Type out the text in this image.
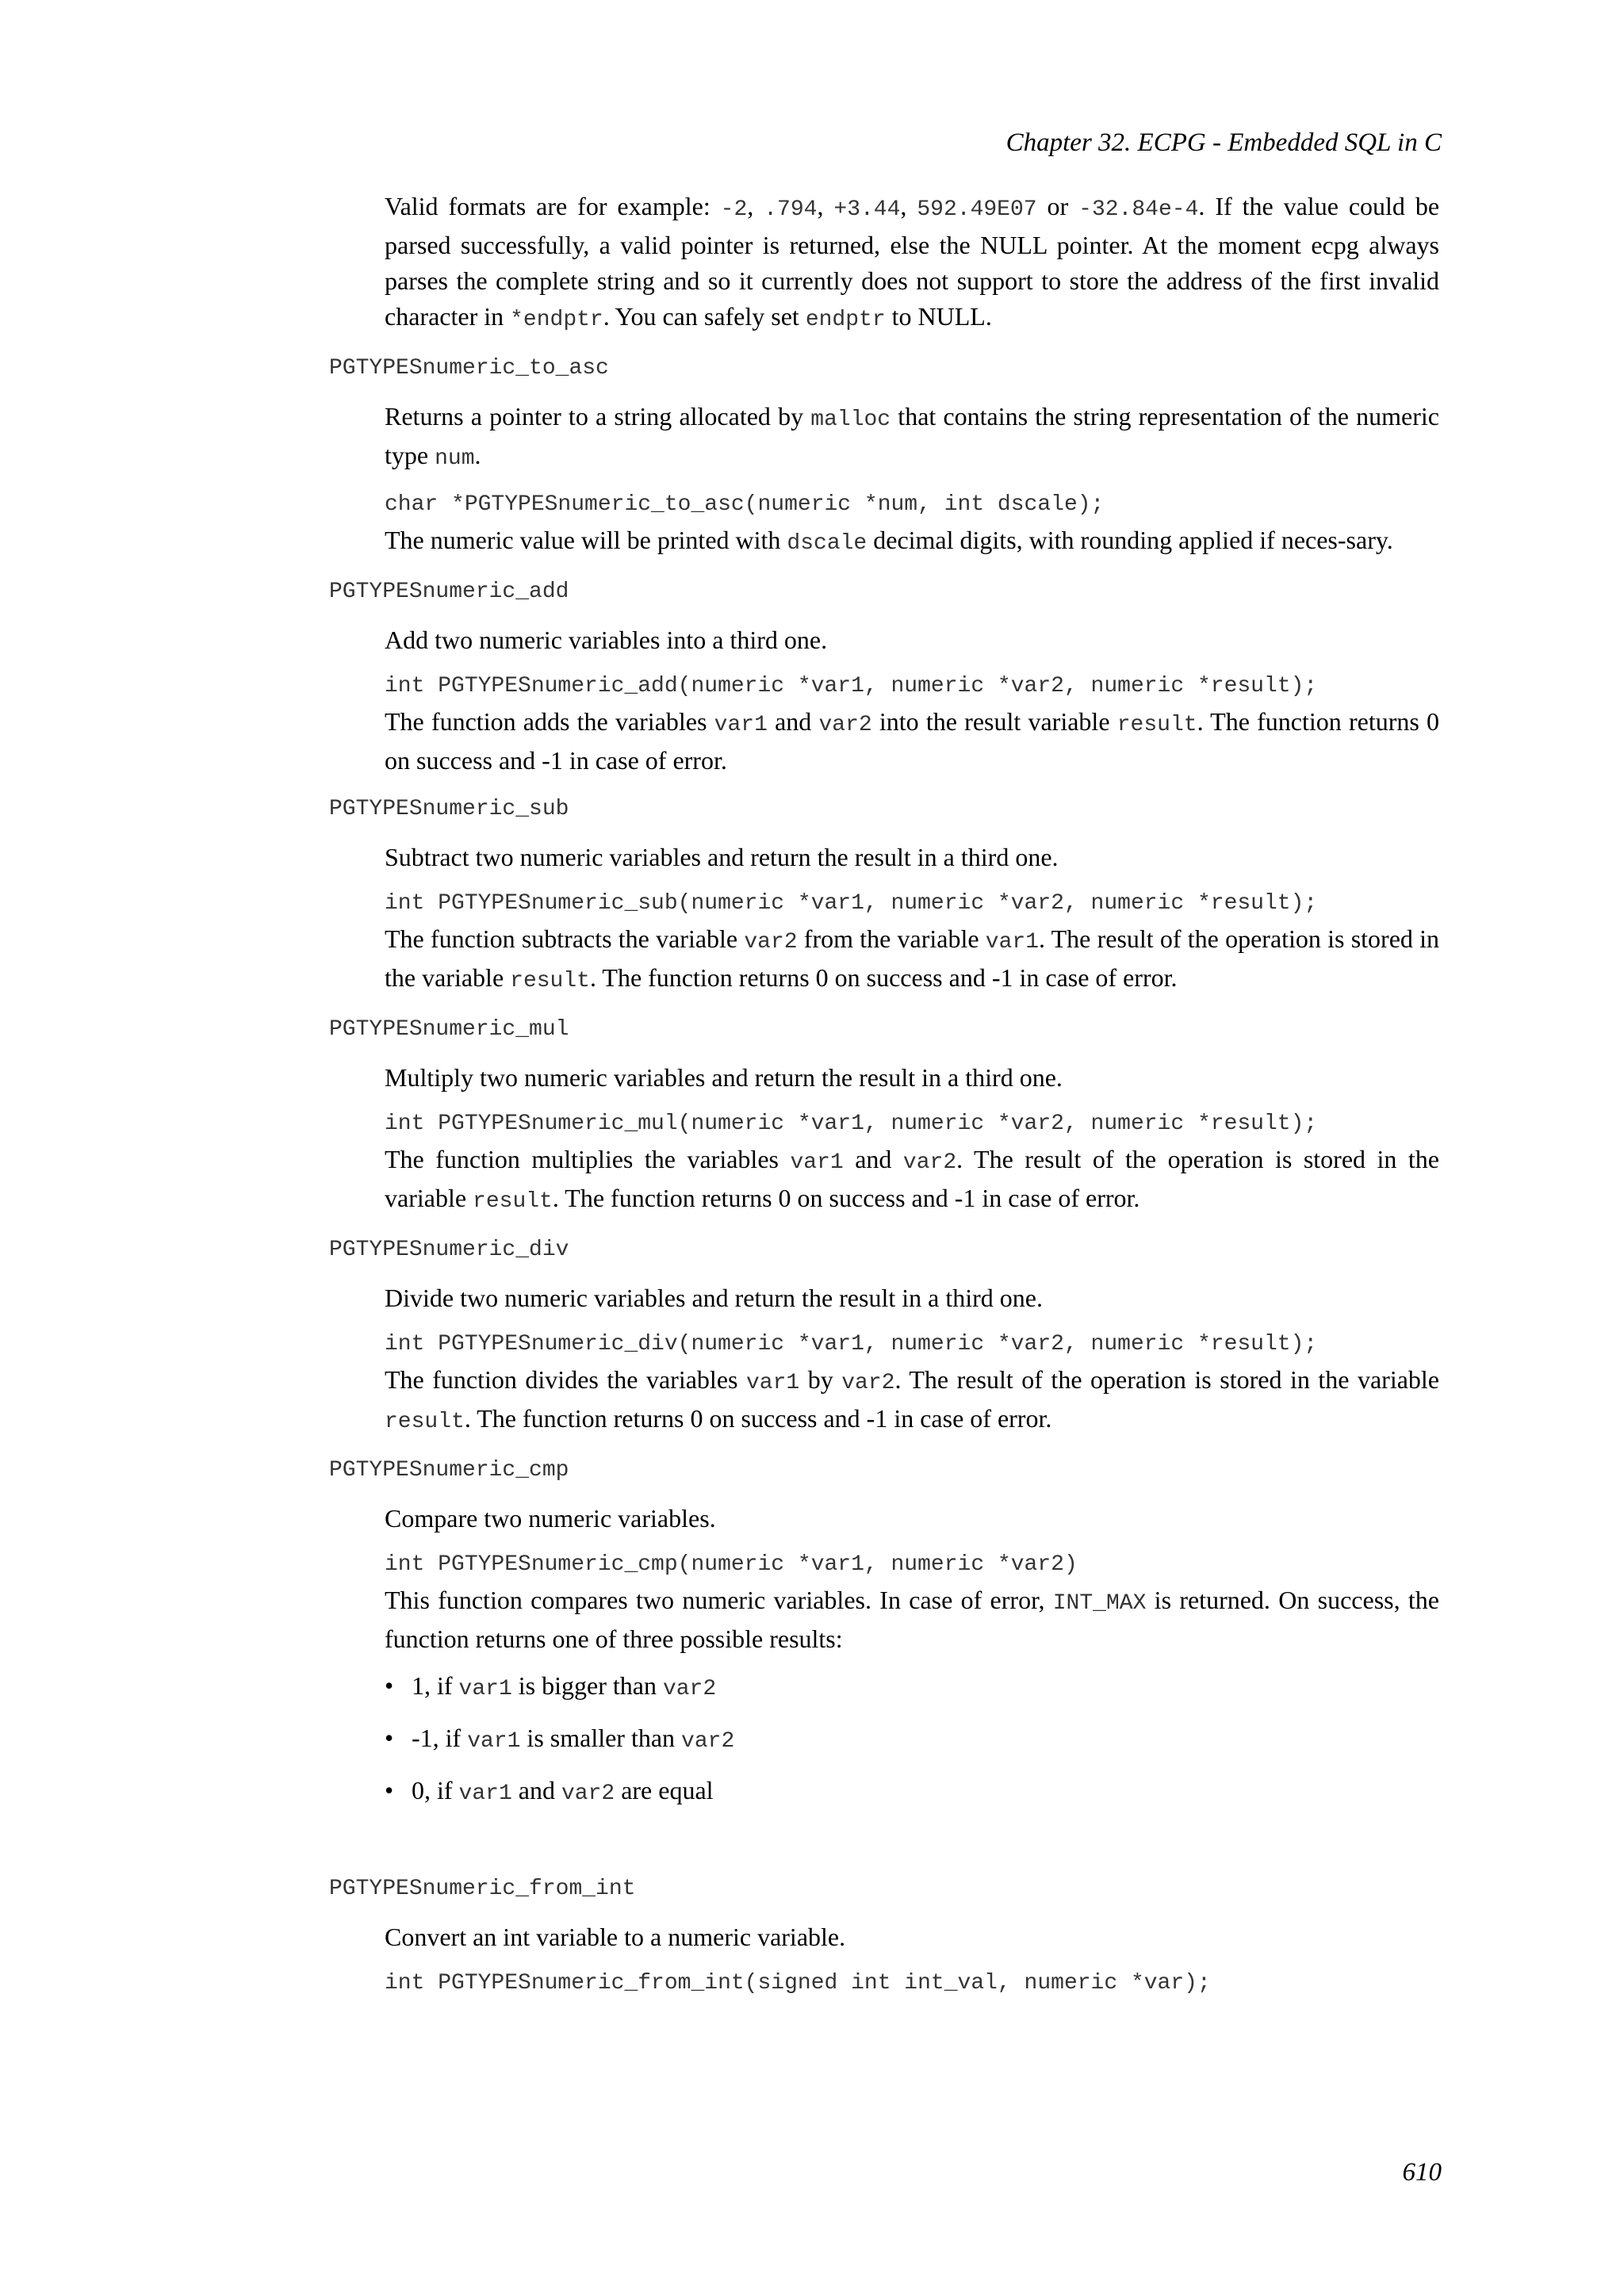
Chapter 32. ECPG - Embedded SQL in C

Valid formats are for example: -2, .794, +3.44, 592.49E07 or -32.84e-4. If the value could be parsed successfully, a valid pointer is returned, else the NULL pointer. At the moment ecpg always parses the complete string and so it currently does not support to store the address of the first invalid character in *endptr. You can safely set endptr to NULL.

PGTYPESnumeric_to_asc

Returns a pointer to a string allocated by malloc that contains the string representation of the numeric type num.

char *PGTYPESnumeric_to_asc(numeric *num, int dscale);

The numeric value will be printed with dscale decimal digits, with rounding applied if neces-sary.

PGTYPESnumeric_add

Add two numeric variables into a third one.

int PGTYPESnumeric_add(numeric *var1, numeric *var2, numeric *result);

The function adds the variables var1 and var2 into the result variable result. The function returns 0 on success and -1 in case of error.

PGTYPESnumeric_sub

Subtract two numeric variables and return the result in a third one.

int PGTYPESnumeric_sub(numeric *var1, numeric *var2, numeric *result);

The function subtracts the variable var2 from the variable var1. The result of the operation is stored in the variable result. The function returns 0 on success and -1 in case of error.

PGTYPESnumeric_mul

Multiply two numeric variables and return the result in a third one.

int PGTYPESnumeric_mul(numeric *var1, numeric *var2, numeric *result);

The function multiplies the variables var1 and var2. The result of the operation is stored in the variable result. The function returns 0 on success and -1 in case of error.

PGTYPESnumeric_div

Divide two numeric variables and return the result in a third one.

int PGTYPESnumeric_div(numeric *var1, numeric *var2, numeric *result);

The function divides the variables var1 by var2. The result of the operation is stored in the variable result. The function returns 0 on success and -1 in case of error.

PGTYPESnumeric_cmp

Compare two numeric variables.

int PGTYPESnumeric_cmp(numeric *var1, numeric *var2)

This function compares two numeric variables. In case of error, INT_MAX is returned. On success, the function returns one of three possible results:

• 1, if var1 is bigger than var2
• -1, if var1 is smaller than var2
• 0, if var1 and var2 are equal
PGTYPESnumeric_from_int

Convert an int variable to a numeric variable.

int PGTYPESnumeric_from_int(signed int int_val, numeric *var);
610
